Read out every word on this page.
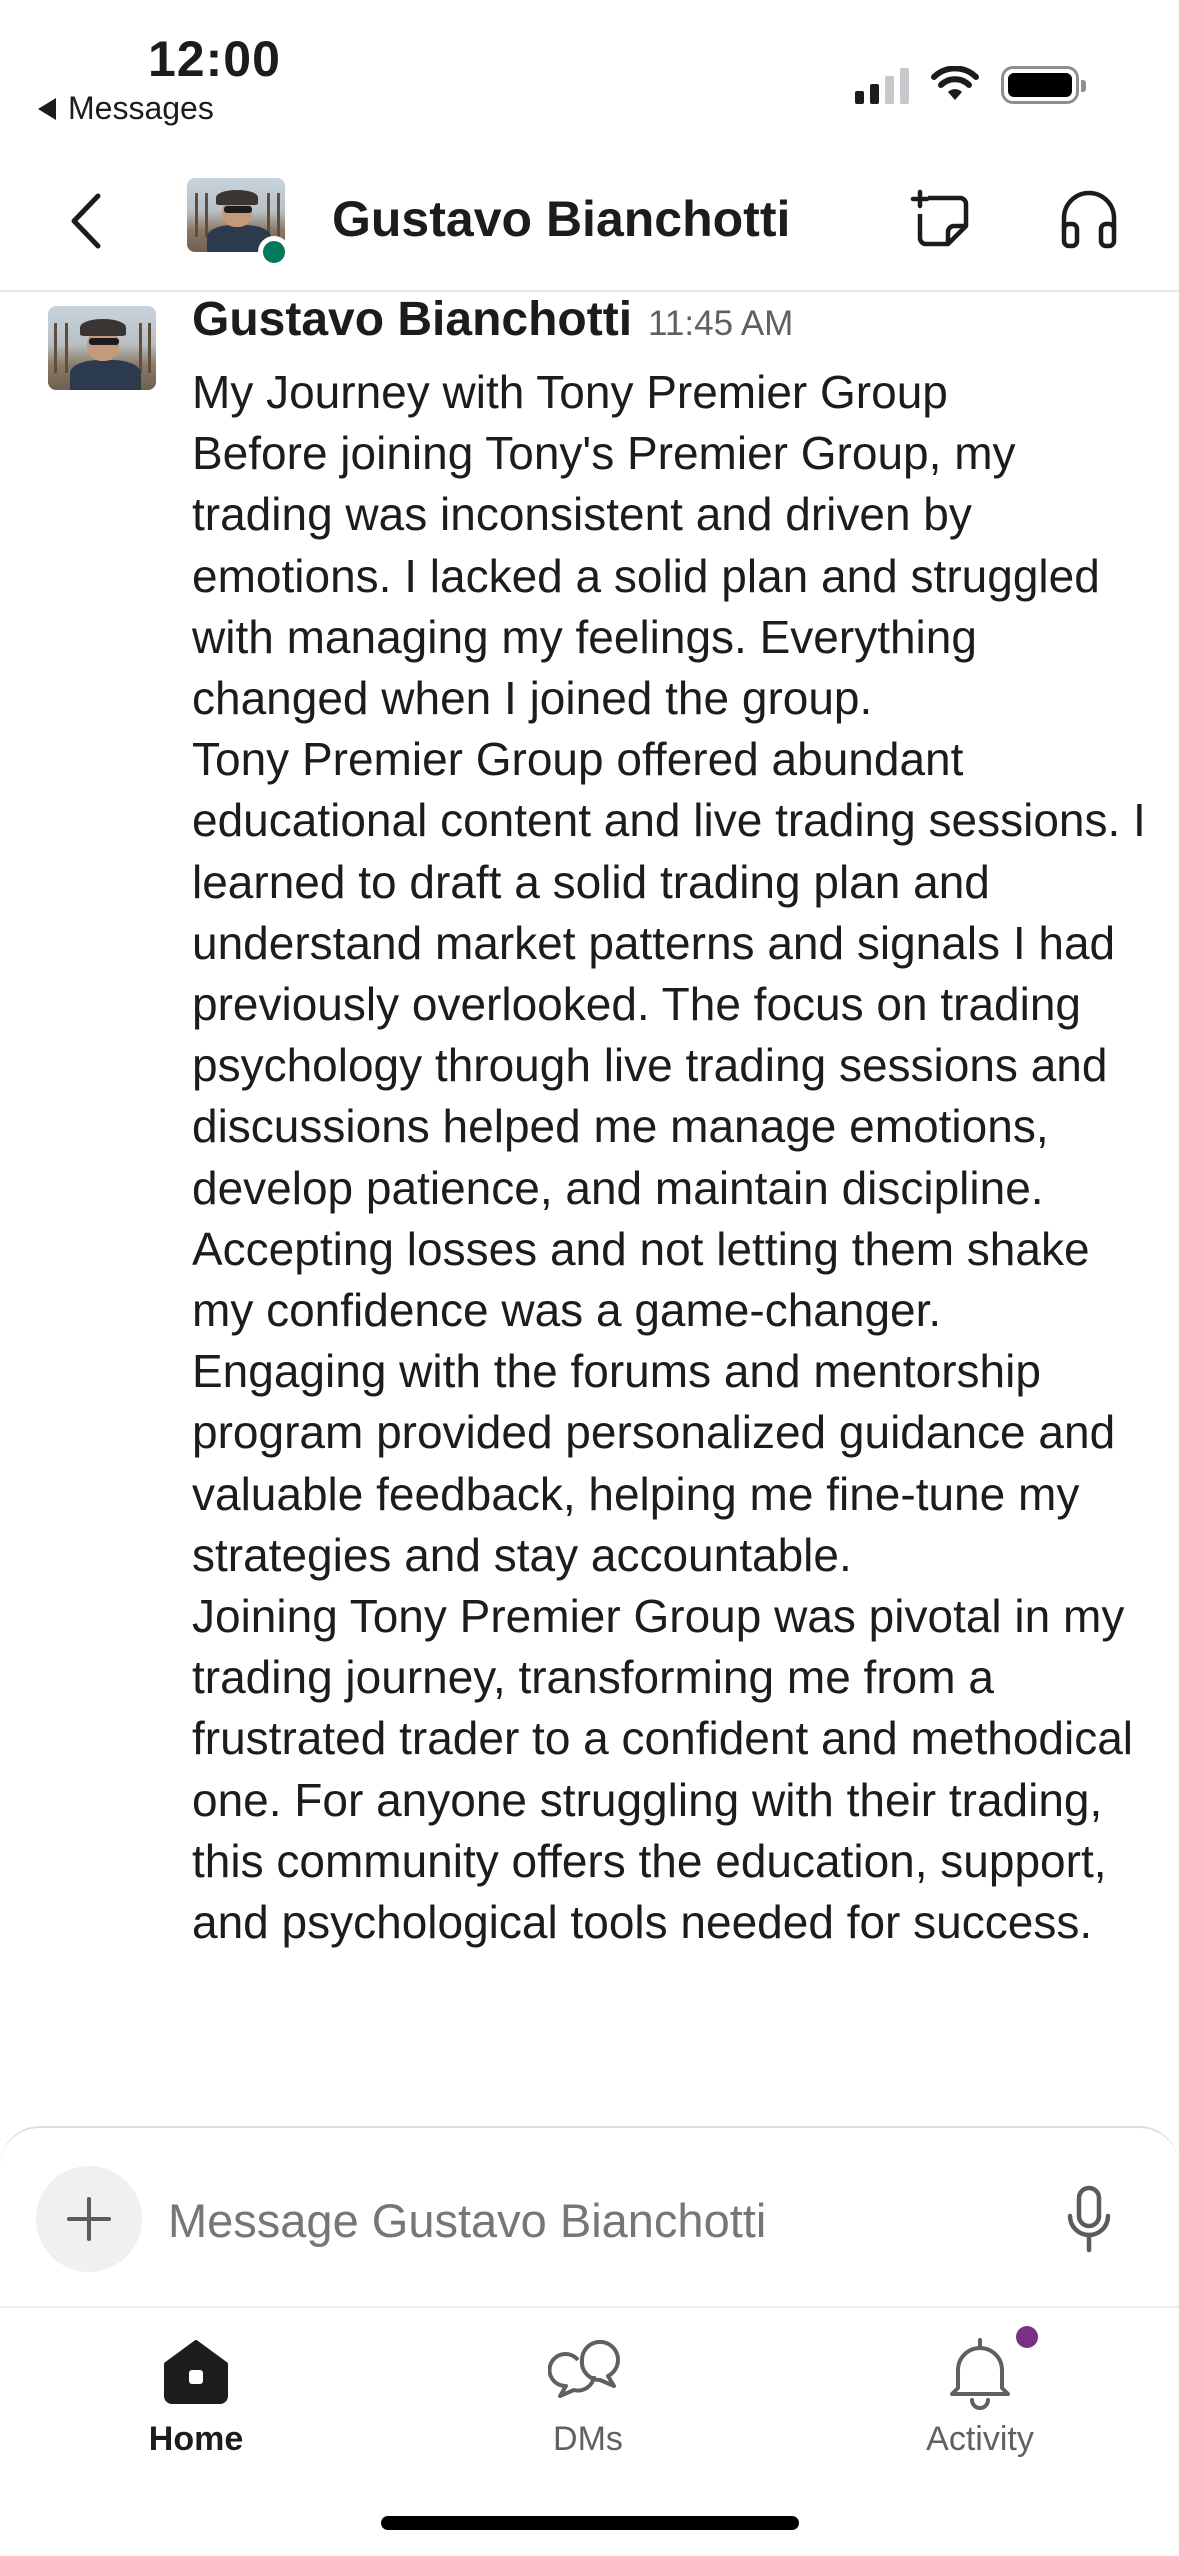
12:00
Messages
Gustavo Bianchotti
Gustavo Bianchotti 11:45 AM

My Journey with Tony Premier Group

Before joining Tony's Premier Group, my trading was inconsistent and driven by emotions. I lacked a solid plan and struggled with managing my feelings. Everything changed when I joined the group.

Tony Premier Group offered abundant educational content and live trading sessions. I learned to draft a solid trading plan and understand market patterns and signals I had previously overlooked. The focus on trading psychology through live trading sessions and discussions helped me manage emotions, develop patience, and maintain discipline. Accepting losses and not letting them shake my confidence was a game-changer.

Engaging with the forums and mentorship program provided personalized guidance and valuable feedback, helping me fine-tune my strategies and stay accountable.

Joining Tony Premier Group was pivotal in my trading journey, transforming me from a frustrated trader to a confident and methodical one. For anyone struggling with their trading, this community offers the education, support, and psychological tools needed for success.

Message Gustavo Bianchotti
Home	DMs	Activity
